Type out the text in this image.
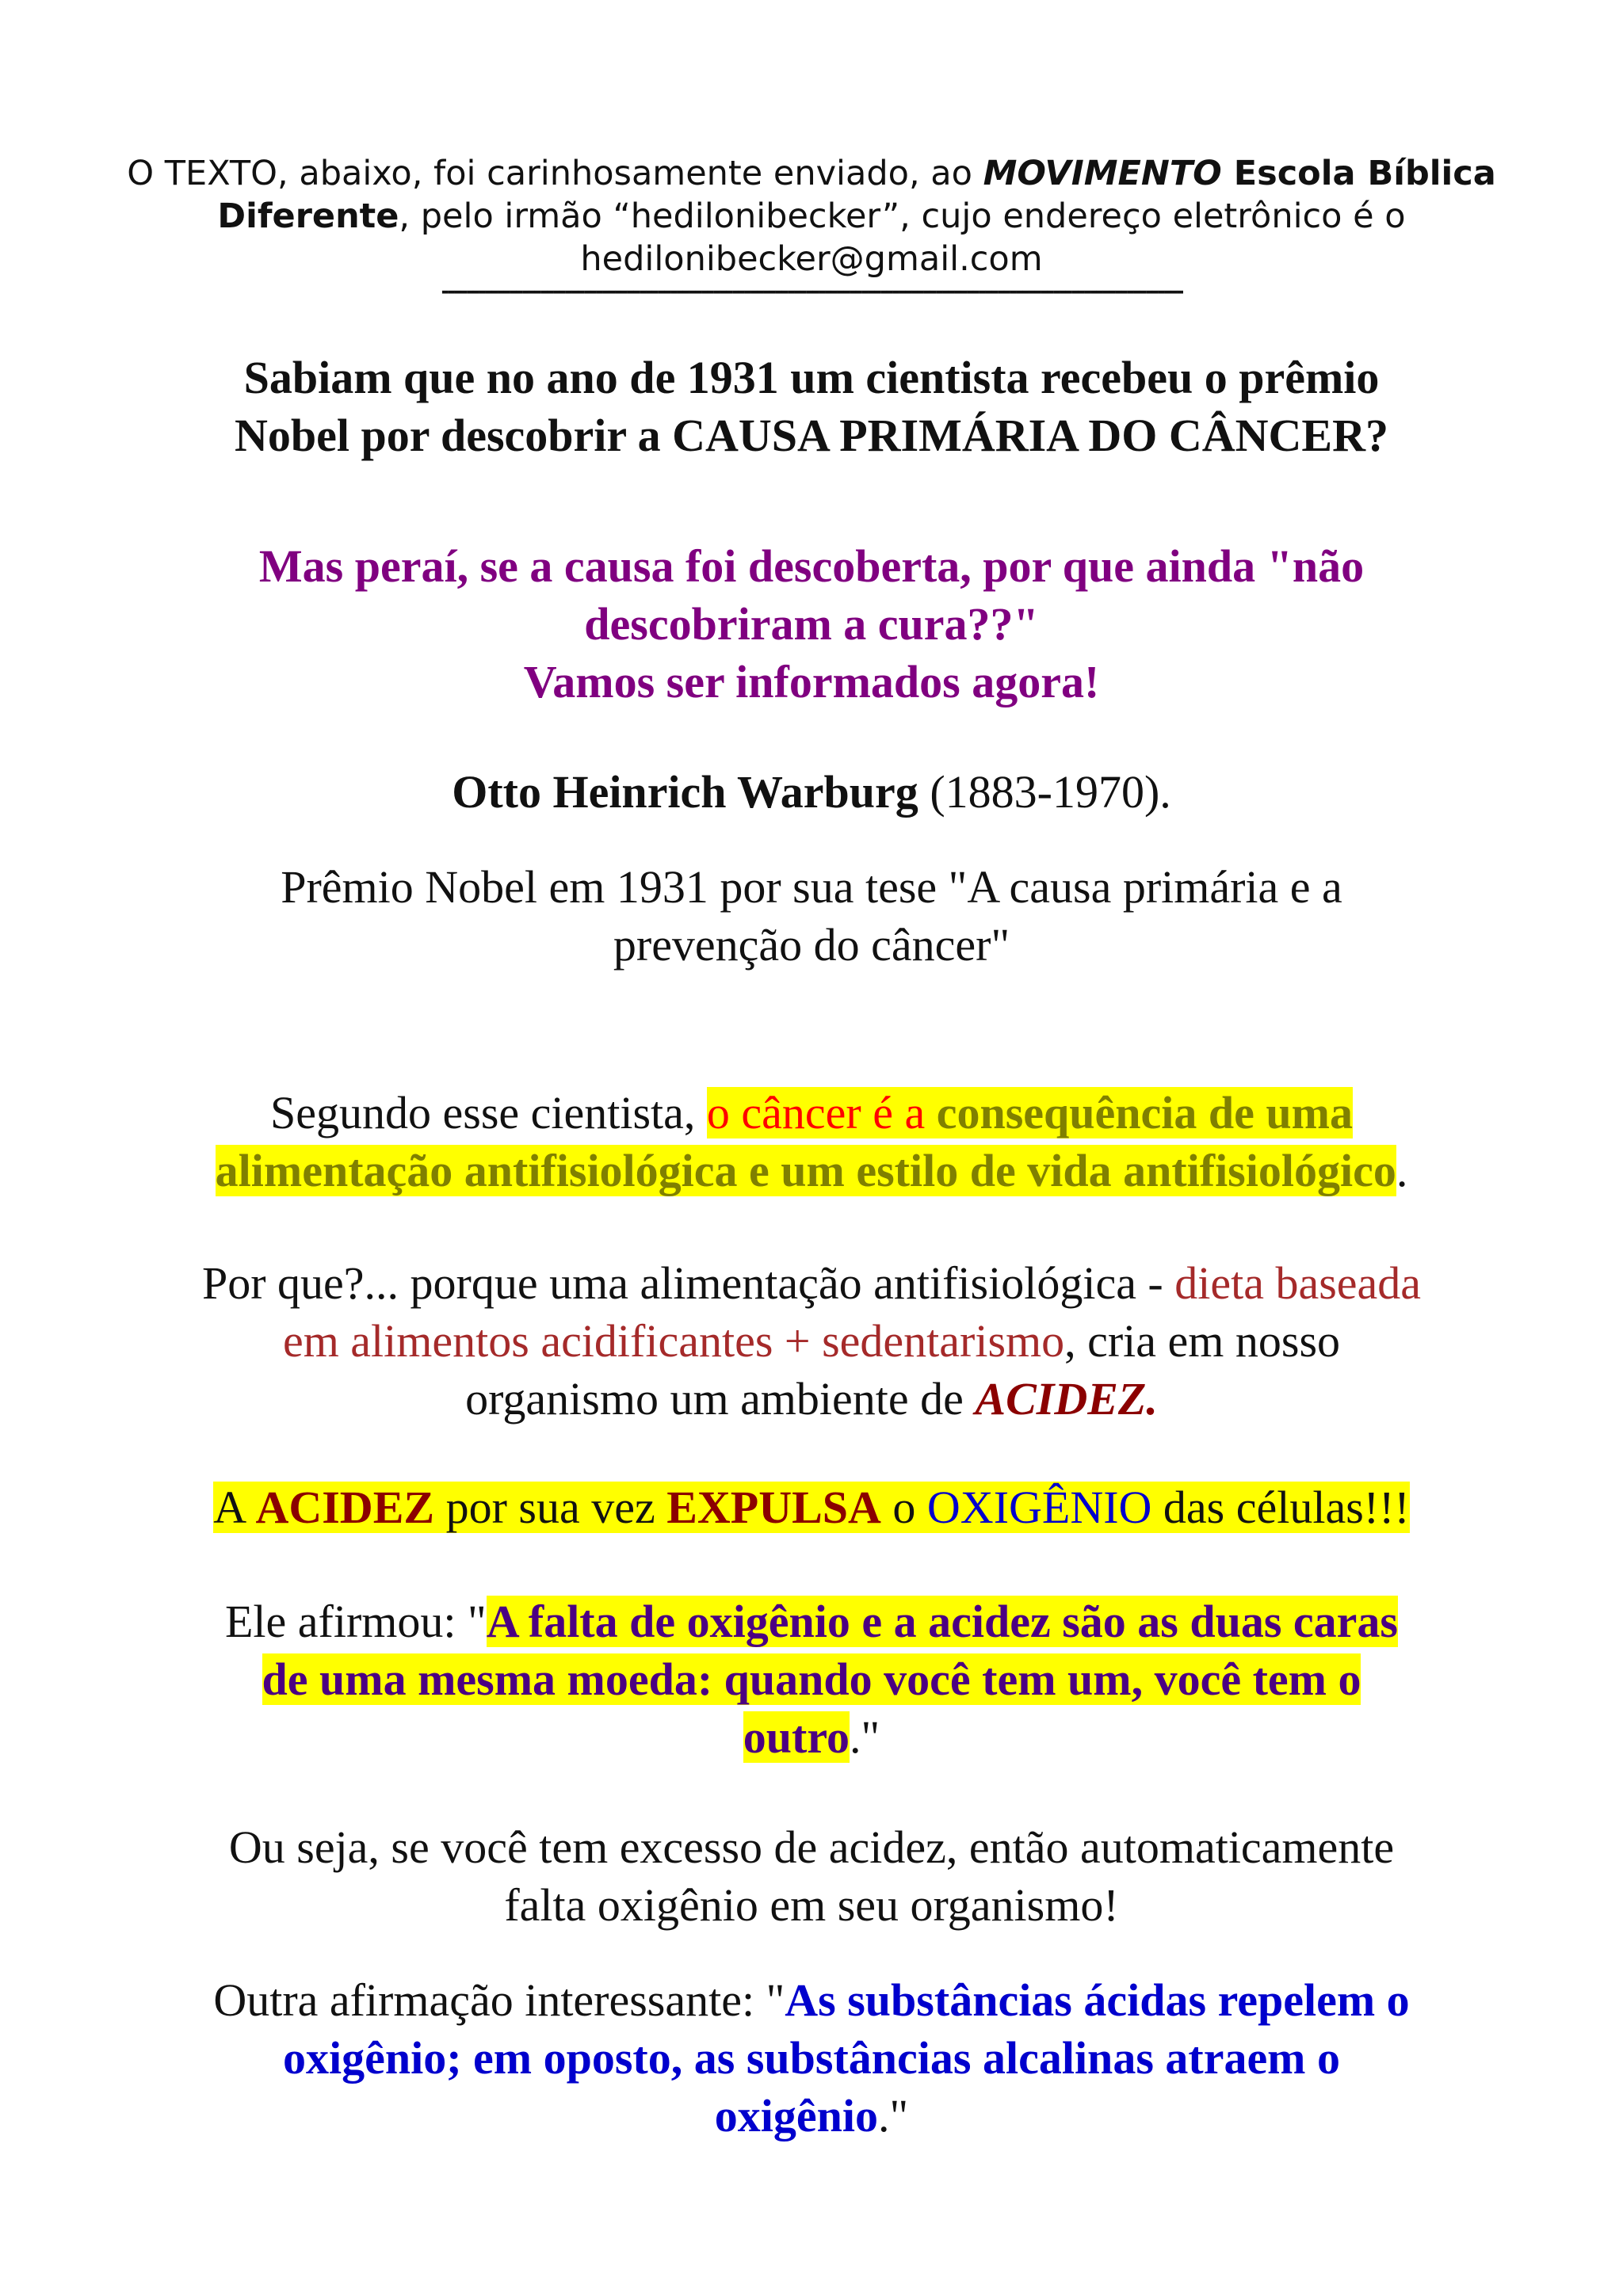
O TEXTO, abaixo, foi carinhosamente enviado, ao MOVIMENTO Escola Bíblica Diferente, pelo irmão “hedilonibecker”, cujo endereço eletrônico é o hedilonibecker@gmail.com
------------------------------------------------------------------------------------------------------------------------
Sabiam que no ano de 1931 um cientista recebeu o prêmio
Nobel por descobrir a CAUSA PRIMÁRIA DO CÂNCER?
Mas peraí, se a causa foi descoberta, por que ainda "não
descobriram a cura??"
Vamos ser informados agora!
Otto Heinrich Warburg (1883-1970).
Prêmio Nobel em 1931 por sua tese "A causa primária e a
prevenção do câncer"
Segundo esse cientista, o câncer é a consequência de uma
alimentação antifisiológica e um estilo de vida antifisiológico.
Por que?... porque uma alimentação antifisiológica - dieta baseada
em alimentos acidificantes + sedentarismo, cria em nosso
organismo um ambiente de ACIDEZ.
A ACIDEZ por sua vez EXPULSA o OXIGÊNIO das células!!!
Ele afirmou: "A falta de oxigênio e a acidez são as duas caras
de uma mesma moeda: quando você tem um, você tem o
outro."
Ou seja, se você tem excesso de acidez, então automaticamente
falta oxigênio em seu organismo!
Outra afirmação interessante: "As substâncias ácidas repelem o
oxigênio; em oposto, as substâncias alcalinas atraem o
oxigênio."
